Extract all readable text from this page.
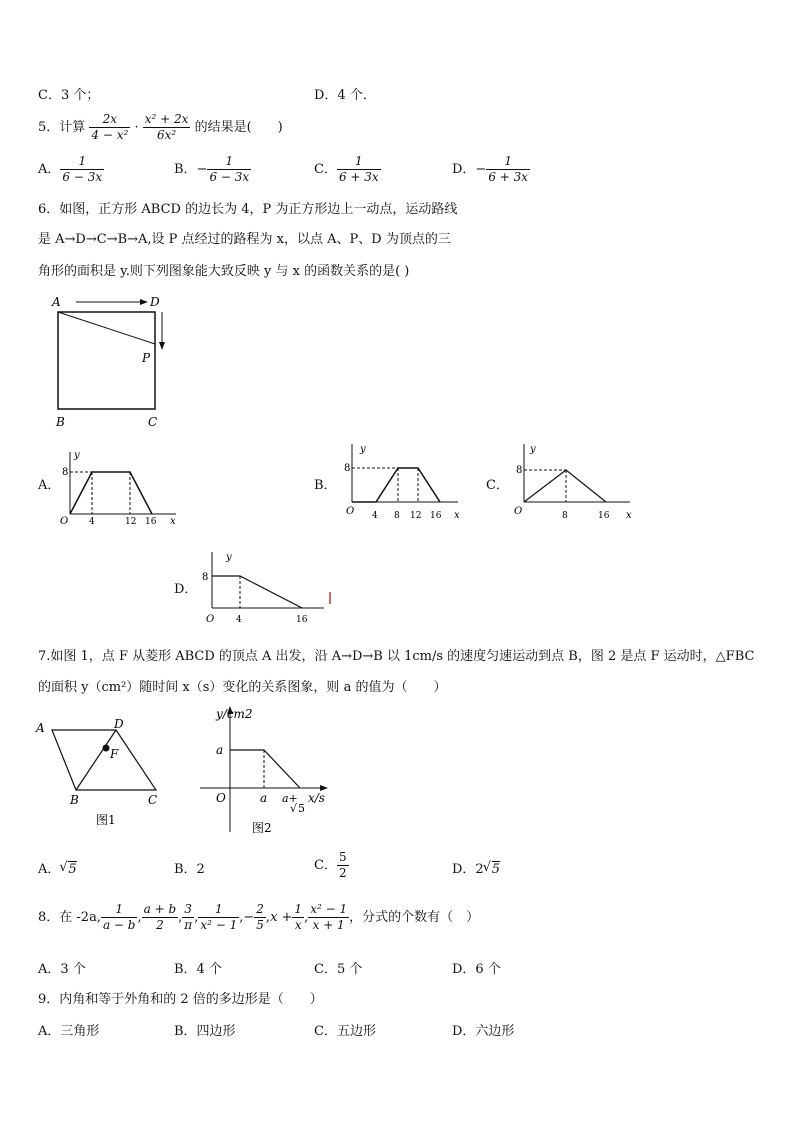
C．3 个；	D．4 个．
5．计算 $\frac{2x}{\text{4 − x²}} \cdot \frac{\text{x² + 2x}}{\text{6x²}}$ 的结果是(　　)
A． $\frac{1}{6 - 3x}$	B．− $\frac{1}{6 - 3x}$	C． $\frac{1}{6 + 3x}$	D．− $\frac{1}{6 + 3x}$
6．如图，正方形 ABCD 的边长为 4，P 为正方形边上一动点，运动路线
是 A→D→C→B→A,设 P 点经过的路程为 x，以点 A、P、D 为顶点的三
角形的面积是 y.则下列图象能大致反映 y 与 x 的函数关系的是( )
A	D
P
B	C
A．	B．	C．
D．
y
8
O 4	12 16 x
y
8
O 4 8 12 16 x
y
8
O	8	16 x
y
8
O 4	16
7.如图 1，点 F 从菱形 ABCD 的顶点 A 出发，沿 A→D→B 以 1cm/s 的速度匀速运动到点 B，图 2 是点 F 运动时，△FBC
的面积 y（cm²）随时间 x（s）变化的关系图象，则 a 的值为（　　）
A	D
F
B	C
图1
y/cm2
a
O	a a+
√ 5
x/s
图2
A． √ 5	B．2	C． $\frac{5}{2}$	D．2 √ 5
8．在 -2a, $\frac{1}{a - b}$ , $\frac{a + b}{2}$ , $\frac{3}{\pi}$ , $\frac{1}{\text{x² − 1}}$ ,− $\frac{2}{5} ,x + \frac{1}{x}$ , $\frac{\text{x² − 1}}{x + 1}$ ，分式的个数有（　）
A．3 个	B．4 个	C．5 个	D．6 个
9．内角和等于外角和的 2 倍的多边形是（　　）
A．三角形	B．四边形	C．五边形	D．六边形
